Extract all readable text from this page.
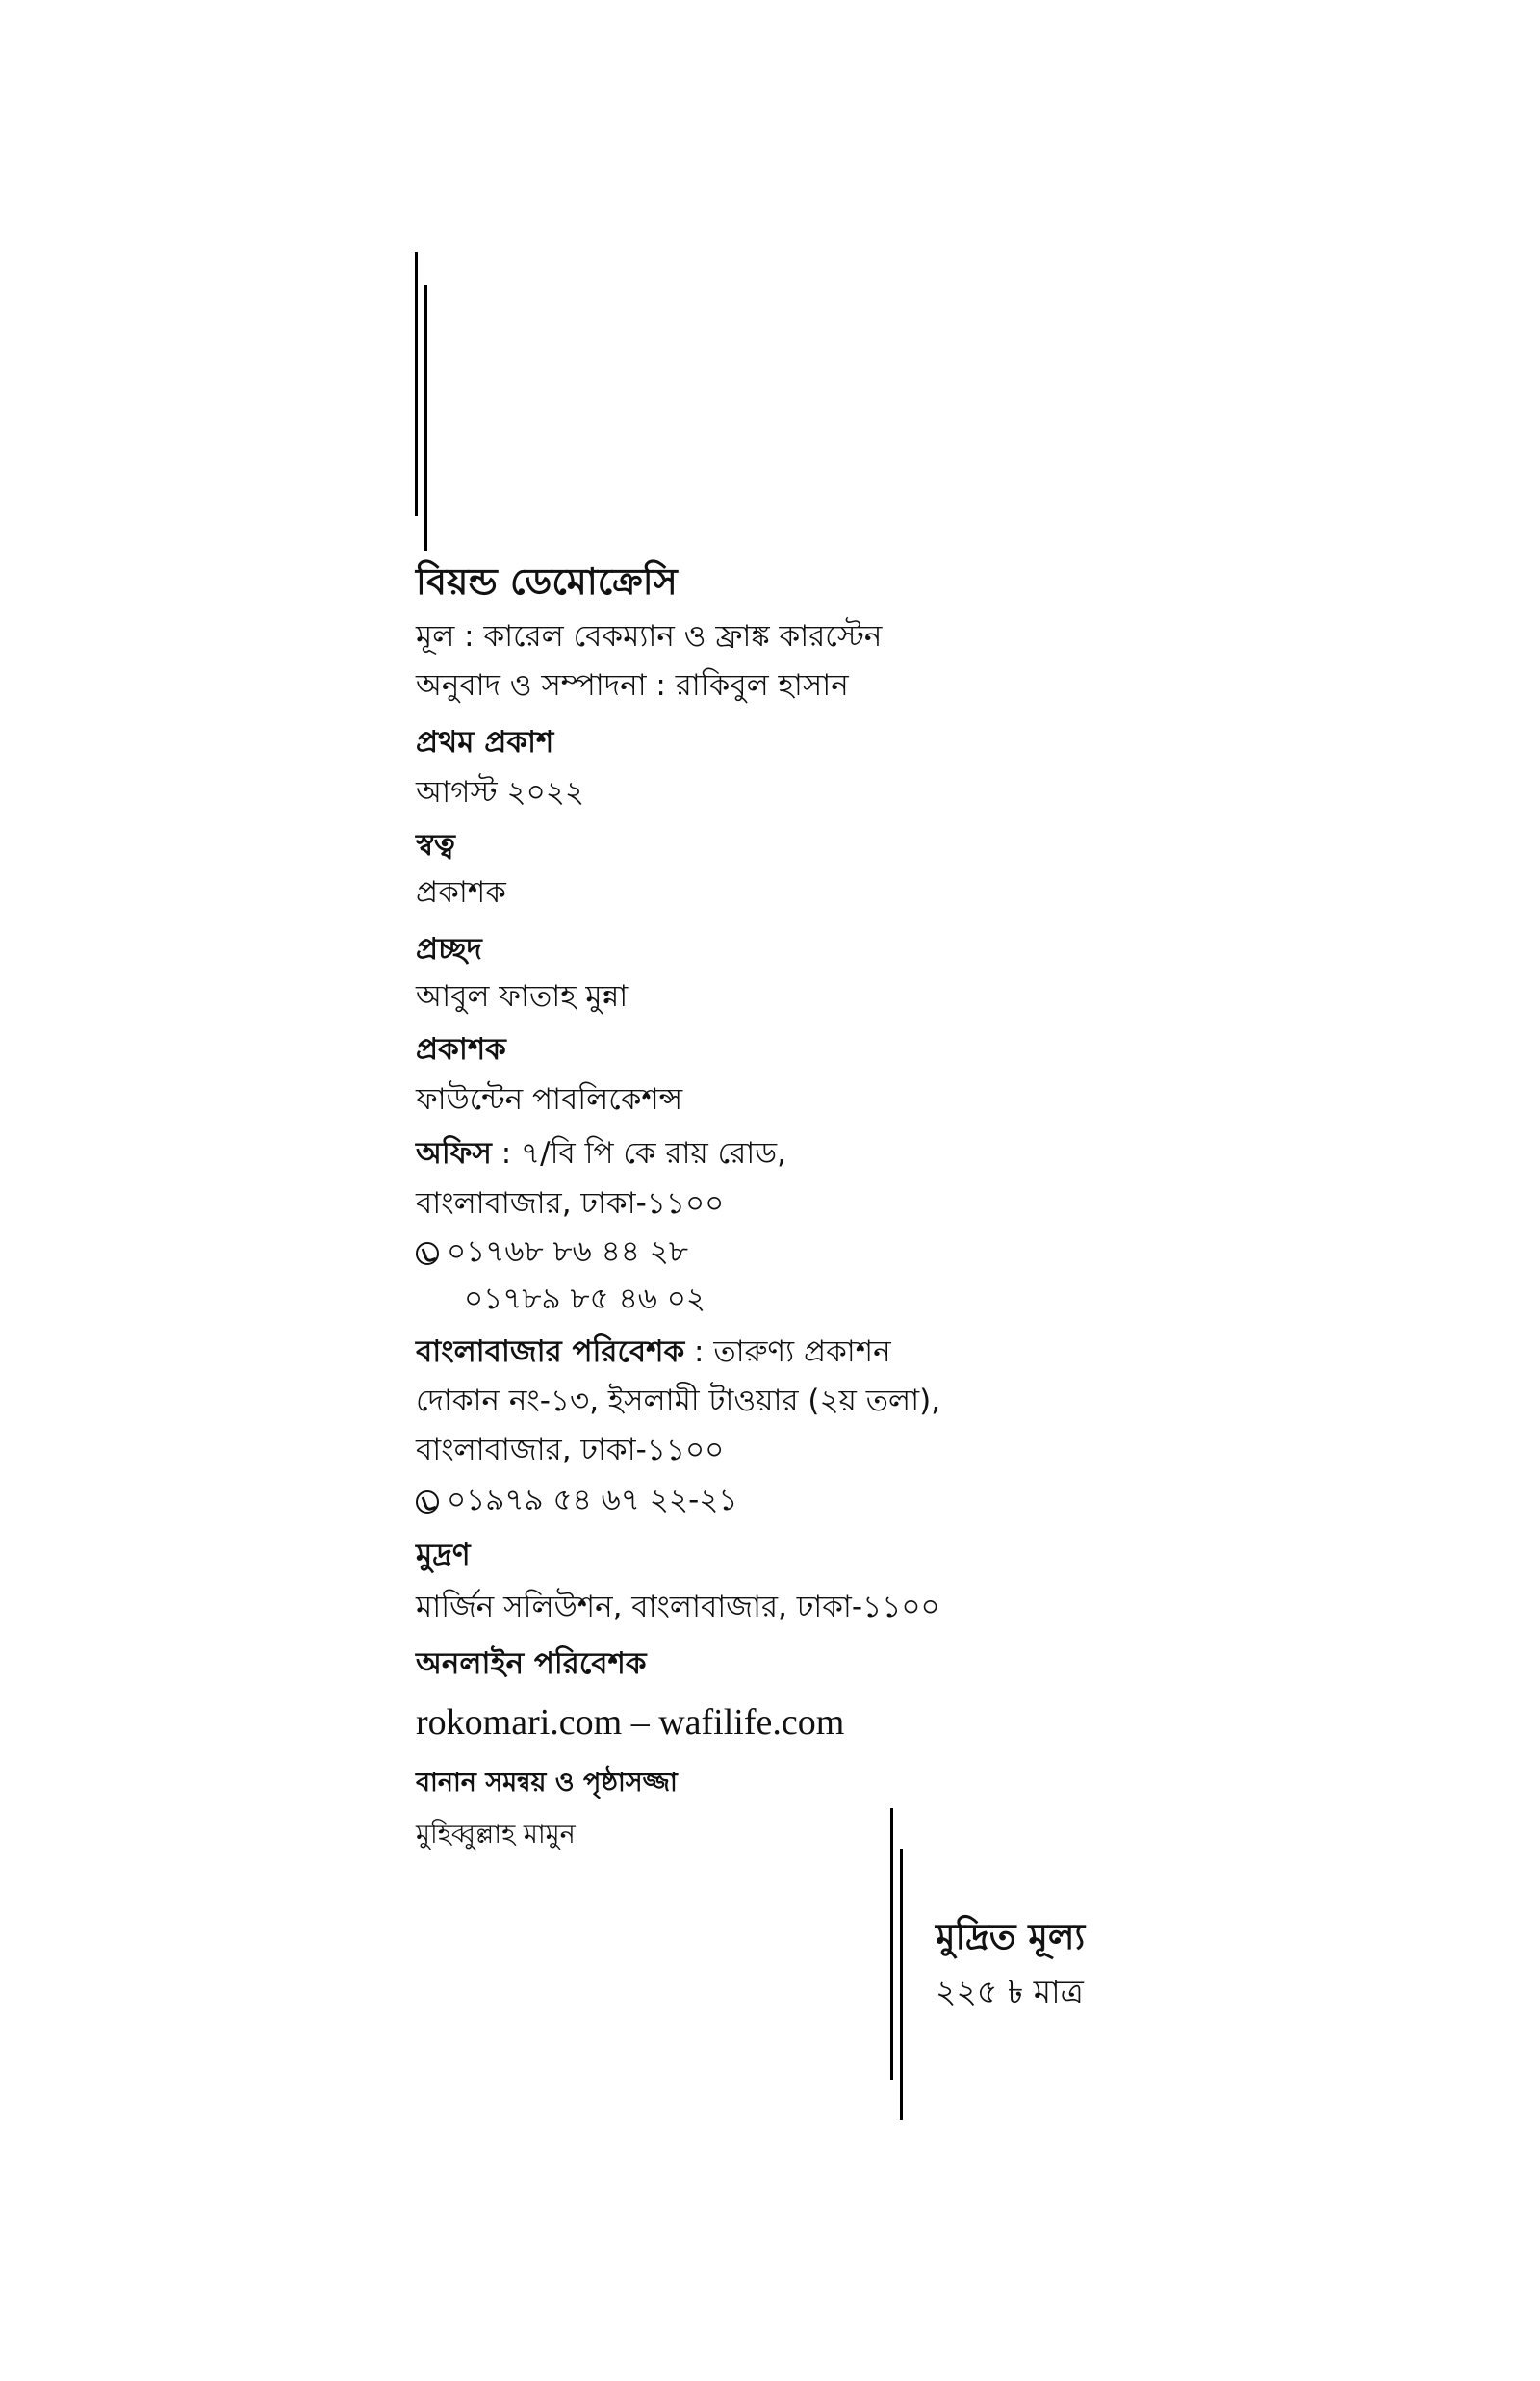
বিয়ন্ড ডেমোক্রেসি
মূল : কারেল বেকম্যান ও ফ্রাঙ্ক কারস্টেন
অনুবাদ ও সম্পাদনা : রাকিবুল হাসান
প্রথম প্রকাশ
আগস্ট ২০২২
স্বত্ব
প্রকাশক
প্রচ্ছদ
আবুল ফাতাহ মুন্না
প্রকাশক
ফাউন্টেন পাবলিকেশন্স
অফিস : ৭/বি পি কে রায় রোড,
বাংলাবাজার, ঢাকা-১১০০
০১৭৬৮ ৮৬ ৪৪ ২৮
০১৭৮৯ ৮৫ ৪৬ ০২
বাংলাবাজার পরিবেশক : তারুণ্য প্রকাশন
দোকান নং-১৩, ইসলামী টাওয়ার (২য় তলা),
বাংলাবাজার, ঢাকা-১১০০
০১৯৭৯ ৫৪ ৬৭ ২২-২১
মুদ্রণ
মার্জিন সলিউশন, বাংলাবাজার, ঢাকা-১১০০
অনলাইন পরিবেশক
rokomari.com – wafilife.com
বানান সমন্বয় ও পৃষ্ঠাসজ্জা
মুহিব্বুল্লাহ মামুন
মুদ্রিত মূল্য
২২৫ ৳ মাত্র
